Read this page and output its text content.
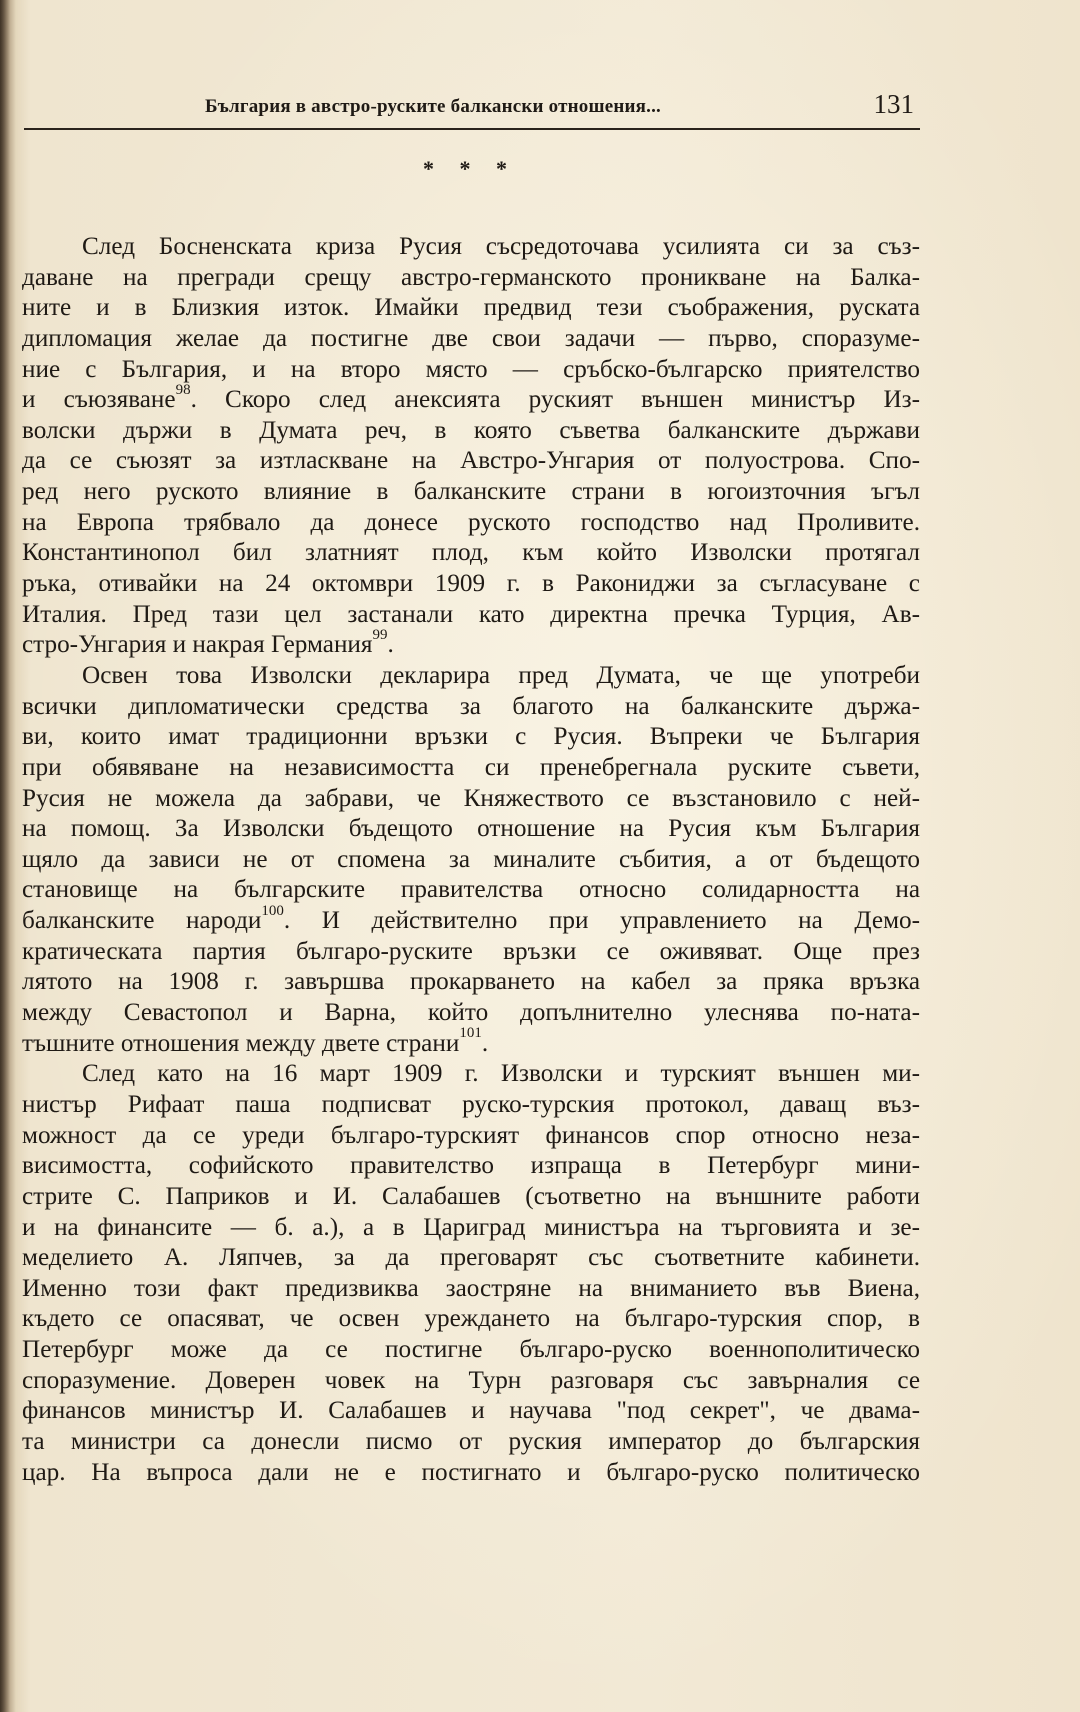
България в австро-руските балкански отношения...	131
* * *
След Босненската криза Русия съсредоточава усилията си за съз-
даване на прегради срещу австро-германското проникване на Балка-
ните и в Близкия изток. Имайки предвид тези съображения, руската
дипломация желае да постигне две свои задачи — първо, споразуме-
ние с България, и на второ място — сръбско-българско приятелство
и съюзяване$^{98}$. Скоро след анексията руският външен министър Из-
волски държи в Думата реч, в която съветва балканските държави
да се съюзят за изтласкване на Австро-Унгария от полуострова. Спо-
ред него руското влияние в балканските страни в югоизточния ъгъл
на Европа трябвало да донесе руското господство над Проливите.
Константинопол бил златният плод, към който Изволски протягал
ръка, отивайки на 24 октомври 1909 г. в Ракониджи за съгласуване с
Италия. Пред тази цел застанали като директна пречка Турция, Ав-
стро-Унгария и накрая Германия$^{99}$.
Освен това Изволски декларира пред Думата, че ще употреби
всички дипломатически средства за благото на балканските държа-
ви, които имат традиционни връзки с Русия. Въпреки че България
при обявяване на независимостта си пренебрегнала руските съвети,
Русия не можела да забрави, че Княжеството се възстановило с ней-
на помощ. За Изволски бъдещото отношение на Русия към България
щяло да зависи не от спомена за миналите събития, а от бъдещото
становище на българските правителства относно солидарността на
балканските народи$^{100}$. И действително при управлението на Демо-
кратическата партия българо-руските връзки се оживяват. Още през
лятото на 1908 г. завършва прокарването на кабел за пряка връзка
между Севастопол и Варна, който допълнително улеснява по-ната-
тъшните отношения между двете страни$^{101}$.
След като на 16 март 1909 г. Изволски и турският външен ми-
нистър Рифаат паша подписват руско-турския протокол, даващ въз-
можност да се уреди българо-турският финансов спор относно неза-
висимостта, софийското правителство изпраща в Петербург мини-
стрите С. Паприков и И. Салабашев (съответно на външните работи
и на финансите — б. а.), а в Цариград министъра на търговията и зе-
меделието А. Ляпчев, за да преговарят със съответните кабинети.
Именно този факт предизвиква заостряне на вниманието във Виена,
където се опасяват, че освен уреждането на българо-турския спор, в
Петербург може да се постигне българо-руско военнополитическо
споразумение. Доверен човек на Турн разговаря със завърналия се
финансов министър И. Салабашев и научава "под секрет", че двама-
та министри са донесли писмо от руския император до българския
цар. На въпроса дали не е постигнато и българо-руско политическо
